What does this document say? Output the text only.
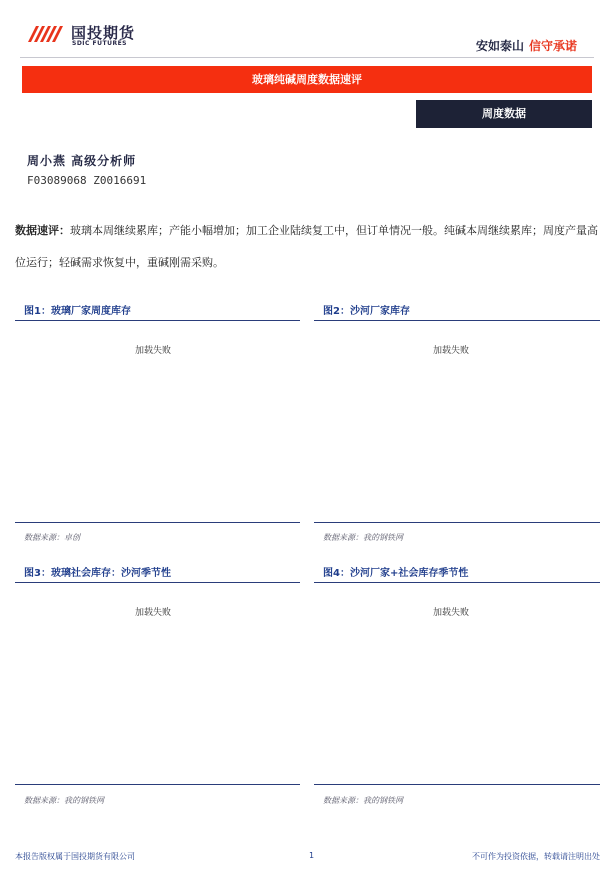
国投期货
SDIC FUTURES	安如泰山 信守承诺
玻璃纯碱周度数据速评
周度数据
周小燕 高级分析师
F03089068 Z0016691
数据速评：玻璃本周继续累库；产能小幅增加；加工企业陆续复工中，但订单情况一般。纯碱本周继续累库；周度产量高位运行；轻碱需求恢复中，重碱刚需采购。
图1：玻璃厂家周度库存
加载失败
数据来源：卓创
图2：沙河厂家库存
加载失败
数据来源：我的钢铁网
图3：玻璃社会库存：沙河季节性
加载失败
数据来源：我的钢铁网
图4：沙河厂家+社会库存季节性
加载失败
数据来源：我的钢铁网
本报告版权属于国投期货有限公司	1	不可作为投资依据，转载请注明出处
